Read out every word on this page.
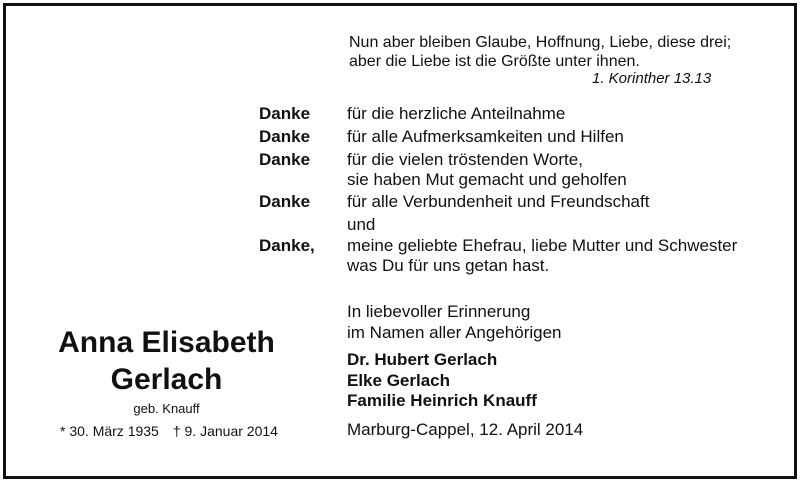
Nun aber bleiben Glaube, Hoffnung, Liebe, diese drei;
aber die Liebe ist die Größte unter ihnen.
1. Korinther 13.13
Danke für die herzliche Anteilnahme
Danke für alle Aufmerksamkeiten und Hilfen
Danke für die vielen tröstenden Worte,
sie haben Mut gemacht und geholfen
Danke für alle Verbundenheit und Freundschaft
und
Danke, meine geliebte Ehefrau, liebe Mutter und Schwester
was Du für uns getan hast.
In liebevoller Erinnerung
im Namen aller Angehörigen
Dr. Hubert Gerlach
Elke Gerlach
Familie Heinrich Knauff
Marburg-Cappel, 12. April 2014
Anna Elisabeth
Gerlach
geb. Knauff
* 30. März 1935 † 9. Januar 2014
